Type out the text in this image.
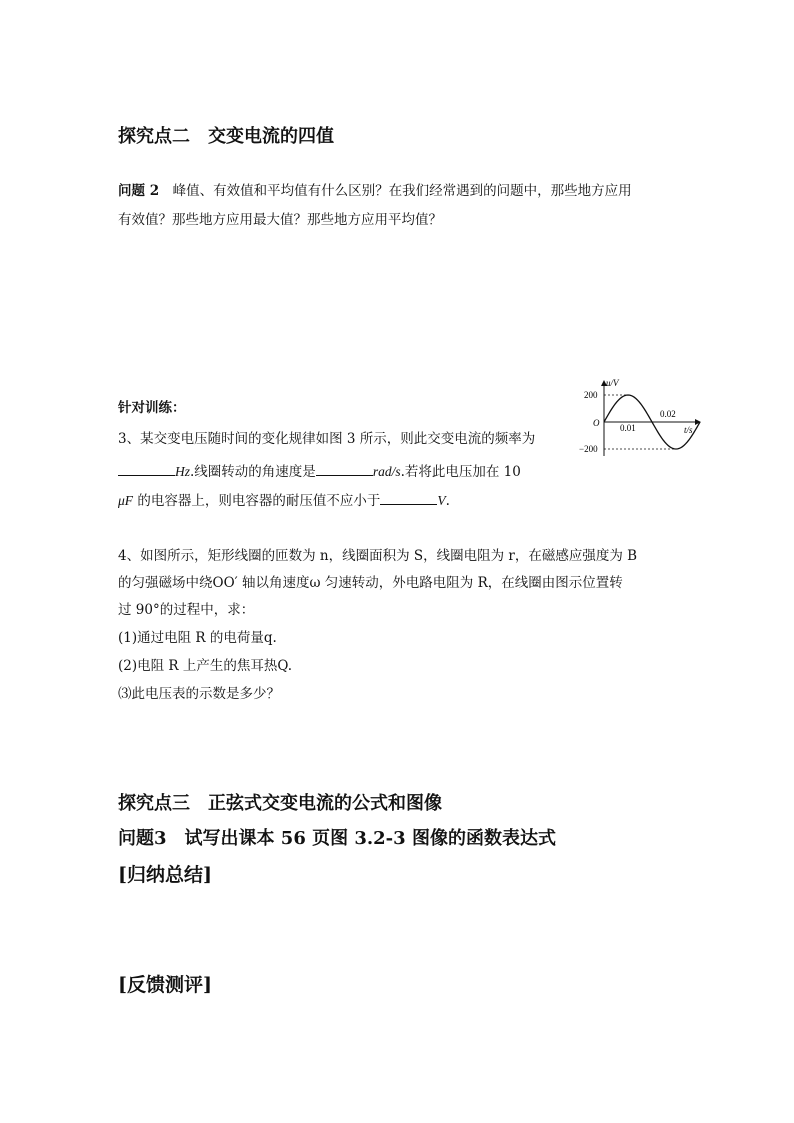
探究点二　交变电流的四值
问题 2　 峰值、有效值和平均值有什么区别？在我们经常遇到的问题中，那些地方应用
有效值？那些地方应用最大值？那些地方应用平均值？
针对训练：
3、某交变电压随时间的变化规律如图 3 所示，则此交变电流的频率为
Hz.线圈转动的角速度是	rad/s.若将此电压加在 10
μF 的电容器上，则电容器的耐压值不应小于	V.
u/V
t/s
O
200
−200
0.01
0.02
4、如图所示，矩形线圈的匝数为 n，线圈面积为 S，线圈电阻为 r，在磁感应强度为 B
的匀强磁场中绕OO′ 轴以角速度ω 匀速转动，外电路电阻为 R，在线圈由图示位置转
过 90°的过程中，求：
(1)通过电阻 R 的电荷量q.
(2)电阻 R 上产生的焦耳热Q.
⑶此电压表的示数是多少？
探究点三　正弦式交变电流的公式和图像
问题3　试写出课本 56 页图 3.2-3 图像的函数表达式
[归纳总结]
[反馈测评]
